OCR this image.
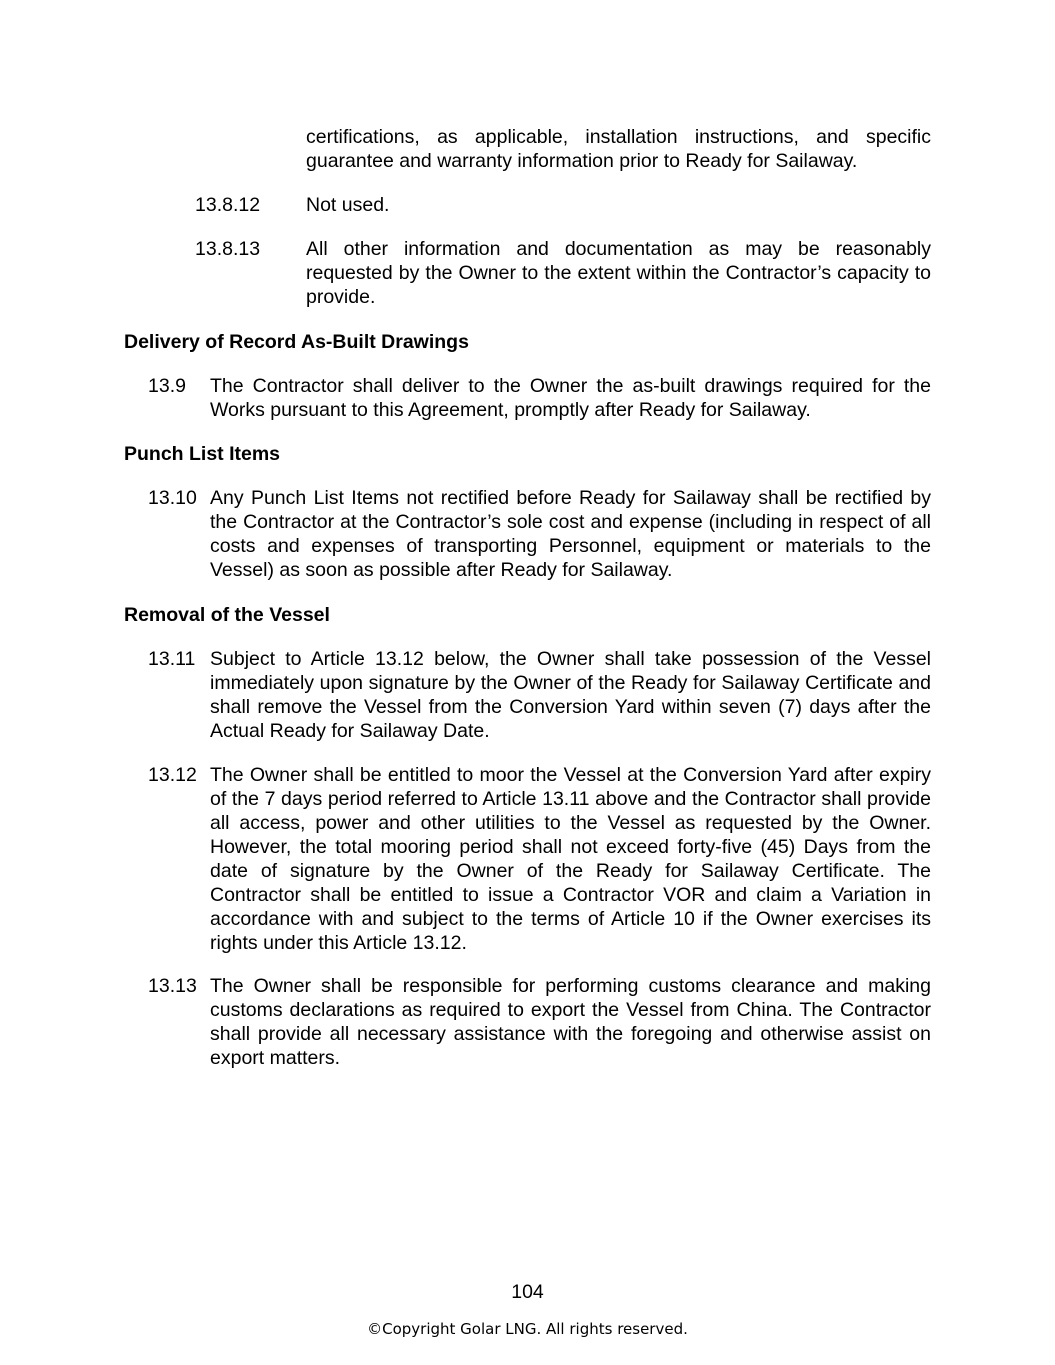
certifications, as applicable, installation instructions, and specific guarantee and warranty information prior to Ready for Sailaway.

13.8.12 Not used.

13.8.13 All other information and documentation as may be reasonably requested by the Owner to the extent within the Contractor’s capacity to provide.

Delivery of Record As-Built Drawings

13.9 The Contractor shall deliver to the Owner the as-built drawings required for the Works pursuant to this Agreement, promptly after Ready for Sailaway.

Punch List Items

13.10 Any Punch List Items not rectified before Ready for Sailaway shall be rectified by the Contractor at the Contractor’s sole cost and expense (including in respect of all costs and expenses of transporting Personnel, equipment or materials to the Vessel) as soon as possible after Ready for Sailaway.

Removal of the Vessel

13.11 Subject to Article 13.12 below, the Owner shall take possession of the Vessel immediately upon signature by the Owner of the Ready for Sailaway Certificate and shall remove the Vessel from the Conversion Yard within seven (7) days after the Actual Ready for Sailaway Date.

13.12 The Owner shall be entitled to moor the Vessel at the Conversion Yard after expiry of the 7 days period referred to Article 13.11 above and the Contractor shall provide all access, power and other utilities to the Vessel as requested by the Owner. However, the total mooring period shall not exceed forty-five (45) Days from the date of signature by the Owner of the Ready for Sailaway Certificate. The Contractor shall be entitled to issue a Contractor VOR and claim a Variation in accordance with and subject to the terms of Article 10 if the Owner exercises its rights under this Article 13.12.

13.13 The Owner shall be responsible for performing customs clearance and making customs declarations as required to export the Vessel from China. The Contractor shall provide all necessary assistance with the foregoing and otherwise assist on export matters.

104
©Copyright Golar LNG. All rights reserved.
